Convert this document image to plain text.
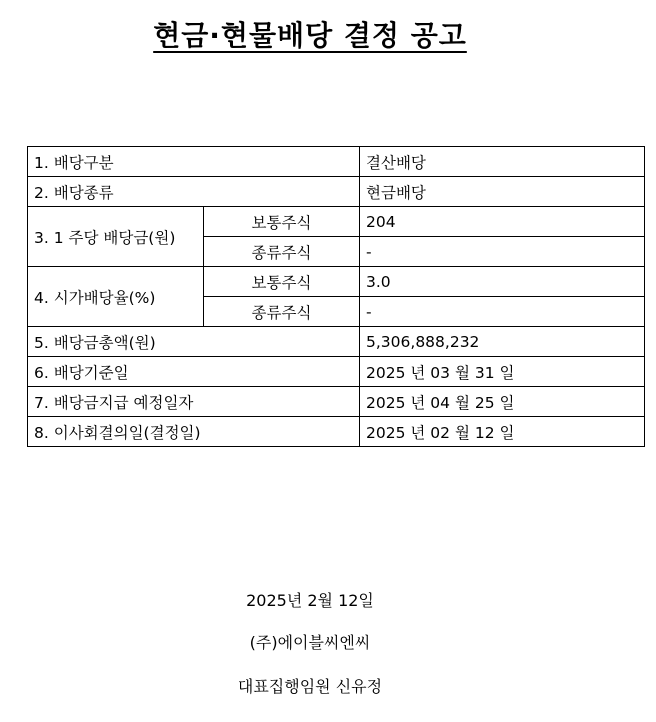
현금·현물배당 결정 공고
1. 배당구분		결산배당
2. 배당종류		현금배당
3. 1 주당 배당금(원)	보통주식	204
	종류주식	-
4. 시가배당율(%)	보통주식	3.0
	종류주식	-
5. 배당금총액(원)		5,306,888,232
6. 배당기준일		2025 년 03 월 31 일
7. 배당금지급 예정일자		2025 년 04 월 25 일
8. 이사회결의일(결정일)		2025 년 02 월 12 일
2025년 2월 12일
(주)에이블씨엔씨
대표집행임원 신유정
